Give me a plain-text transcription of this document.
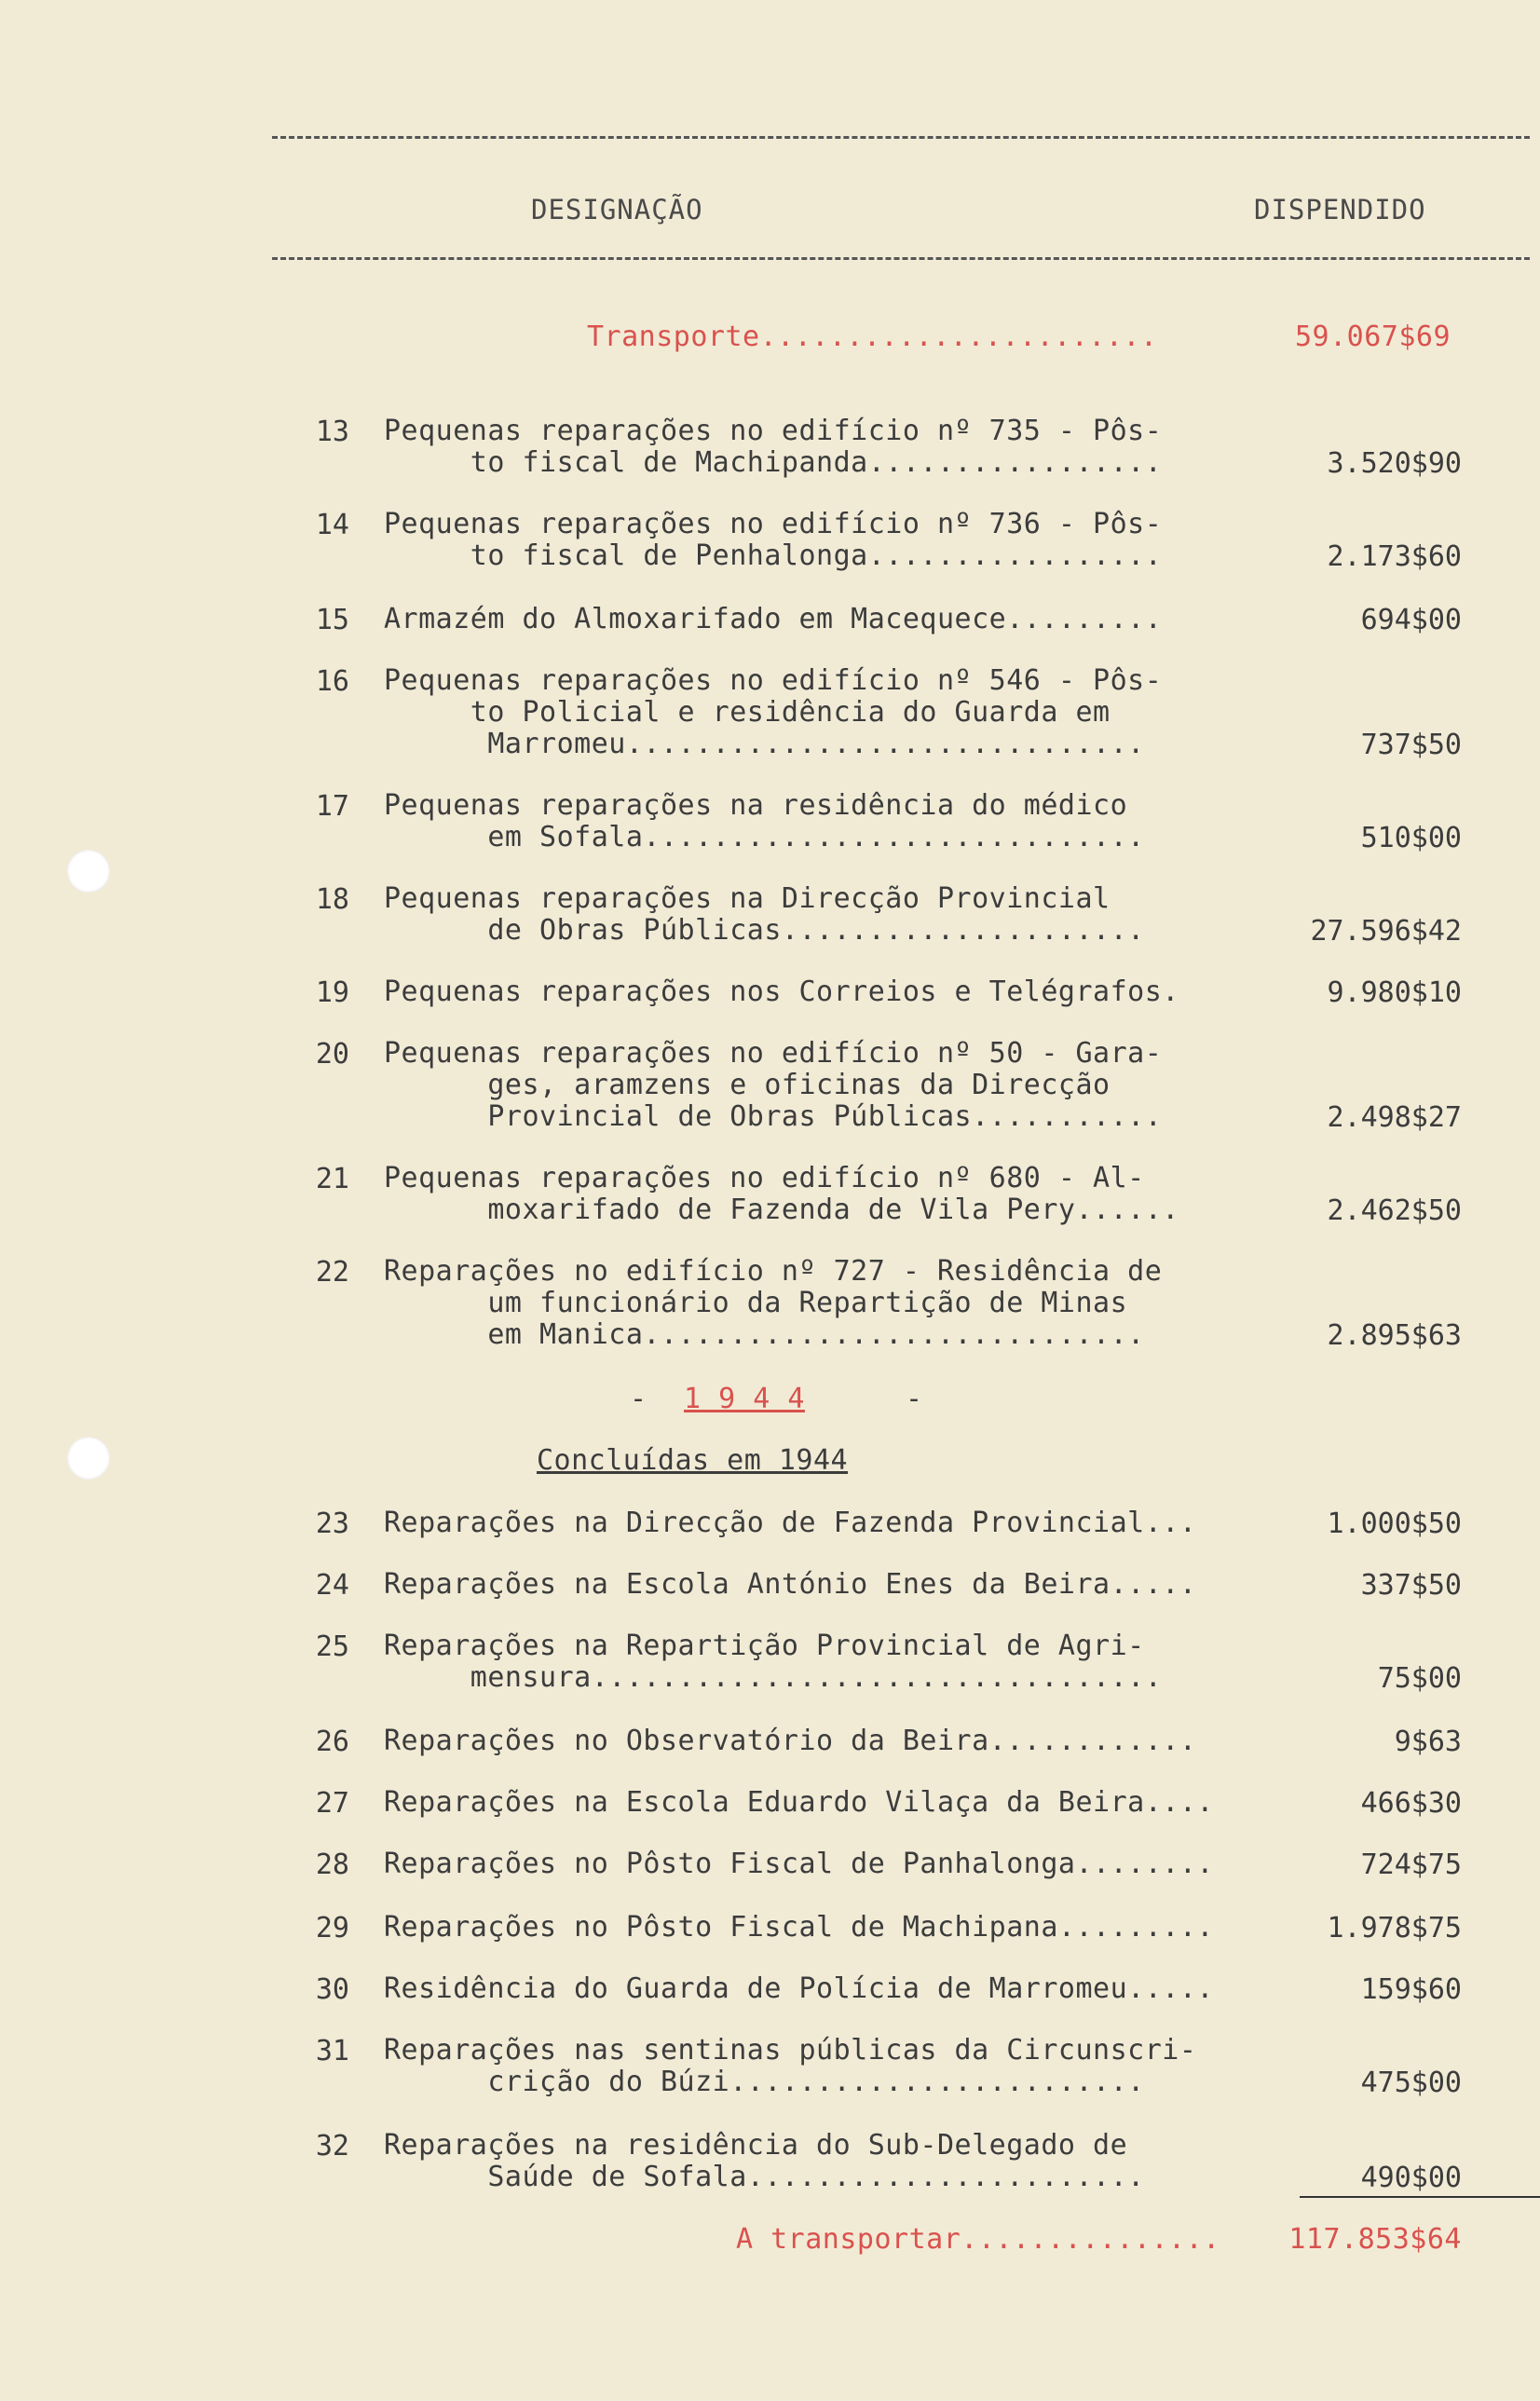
DESIGNAÇÃO	DISPENDIDO
Transporte.......................	59.067$69
13 Pequenas reparações no edifício nº 735 - Pôs-
to fiscal de Machipanda.................	3.520$90
14 Pequenas reparações no edifício nº 736 - Pôs-
to fiscal de Penhalonga.................	2.173$60
15 Armazém do Almoxarifado em Macequece.........	694$00
16 Pequenas reparações no edifício nº 546 - Pôs-
to Policial e residência do Guarda em
Marromeu..............................	737$50
17 Pequenas reparações na residência do médico
em Sofala.............................	510$00
18 Pequenas reparações na Direcção Provincial
de Obras Públicas.....................	27.596$42
19 Pequenas reparações nos Correios e Telégrafos.	9.980$10
20 Pequenas reparações no edifício nº 50 - Gara-
ges, aramzens e oficinas da Direcção
Provincial de Obras Públicas...........	2.498$27
21 Pequenas reparações no edifício nº 680 - Al-
moxarifado de Fazenda de Vila Pery......	2.462$50
22 Reparações no edifício nº 727 - Residência de
um funcionário da Repartição de Minas
em Manica.............................	2.895$63
- 1 9 4 4	-
Concluídas em 1944
23 Reparações na Direcção de Fazenda Provincial...	1.000$50
24 Reparações na Escola António Enes da Beira.....	337$50
25 Reparações na Repartição Provincial de Agri-
mensura.................................	75$00
26 Reparações no Observatório da Beira............	9$63
27 Reparações na Escola Eduardo Vilaça da Beira....	466$30
28 Reparações no Pôsto Fiscal de Panhalonga........	724$75
29 Reparações no Pôsto Fiscal de Machipana.........	1.978$75
30 Residência do Guarda de Polícia de Marromeu.....	159$60
31 Reparações nas sentinas públicas da Circunscri-
crição do Búzi........................	475$00
32 Reparações na residência do Sub-Delegado de
Saúde de Sofala.......................	490$00
A transportar............... 117.853$64
